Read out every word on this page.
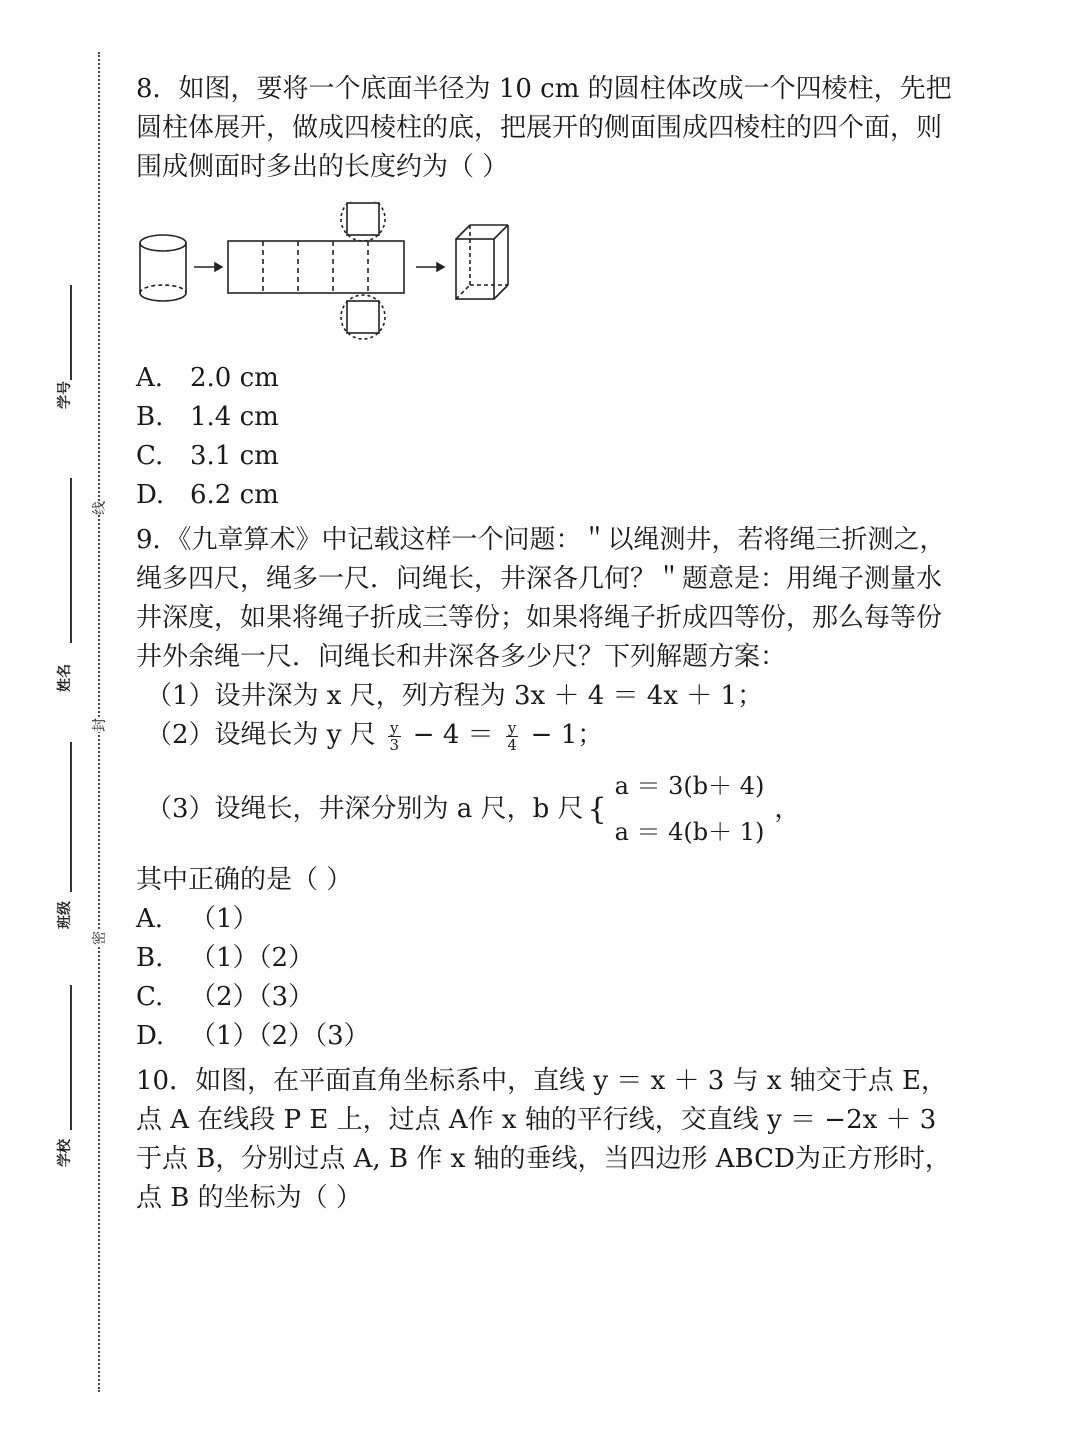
学号
姓名
班级
学校
线
封
密

8．如图，要将一个底面半径为 10 cm 的圆柱体改成一个四棱柱，先把圆柱体展开，做成四棱柱的底，把展开的侧面围成四棱柱的四个面，则围成侧面时多出的长度约为（ ）

A. 2.0 cm

B. 1.4 cm

C. 3.1 cm

D. 6.2 cm

9．《九章算术》中记载这样一个问题：＂以绳测井，若将绳三折测之，绳多四尺，绳多一尺．问绳长，井深各几何？＂题意是：用绳子测量水井深度，如果将绳子折成三等份；如果将绳子折成四等份，那么每等份井外余绳一尺．问绳长和井深各多少尺？下列解题方案：

（1）设井深为 x 尺，列方程为 3x ＋ 4 ＝ 4x ＋ 1；

（2）设绳长为 y 尺 $\frac{y}{3} - 4 = \frac{y}{4} - 1$；

（3）设绳长，井深分别为 a 尺，b 尺 {
a ＝ 3(b＋ 4)
a ＝ 4(b＋ 1)
，

其中正确的是（ ）

A. （1）

B. （1）（2）

C. （2）（3）

D. （1）（2）（3）

10．如图，在平面直角坐标系中，直线 y ＝ x ＋ 3 与 x 轴交于点 E，点 A 在线段 P E 上，过点 A作 x 轴的平行线，交直线 y ＝ −2x ＋ 3 于点 B，分别过点 A, B 作 x 轴的垂线，当四边形 ABCD为正方形时，点 B 的坐标为（ ）
